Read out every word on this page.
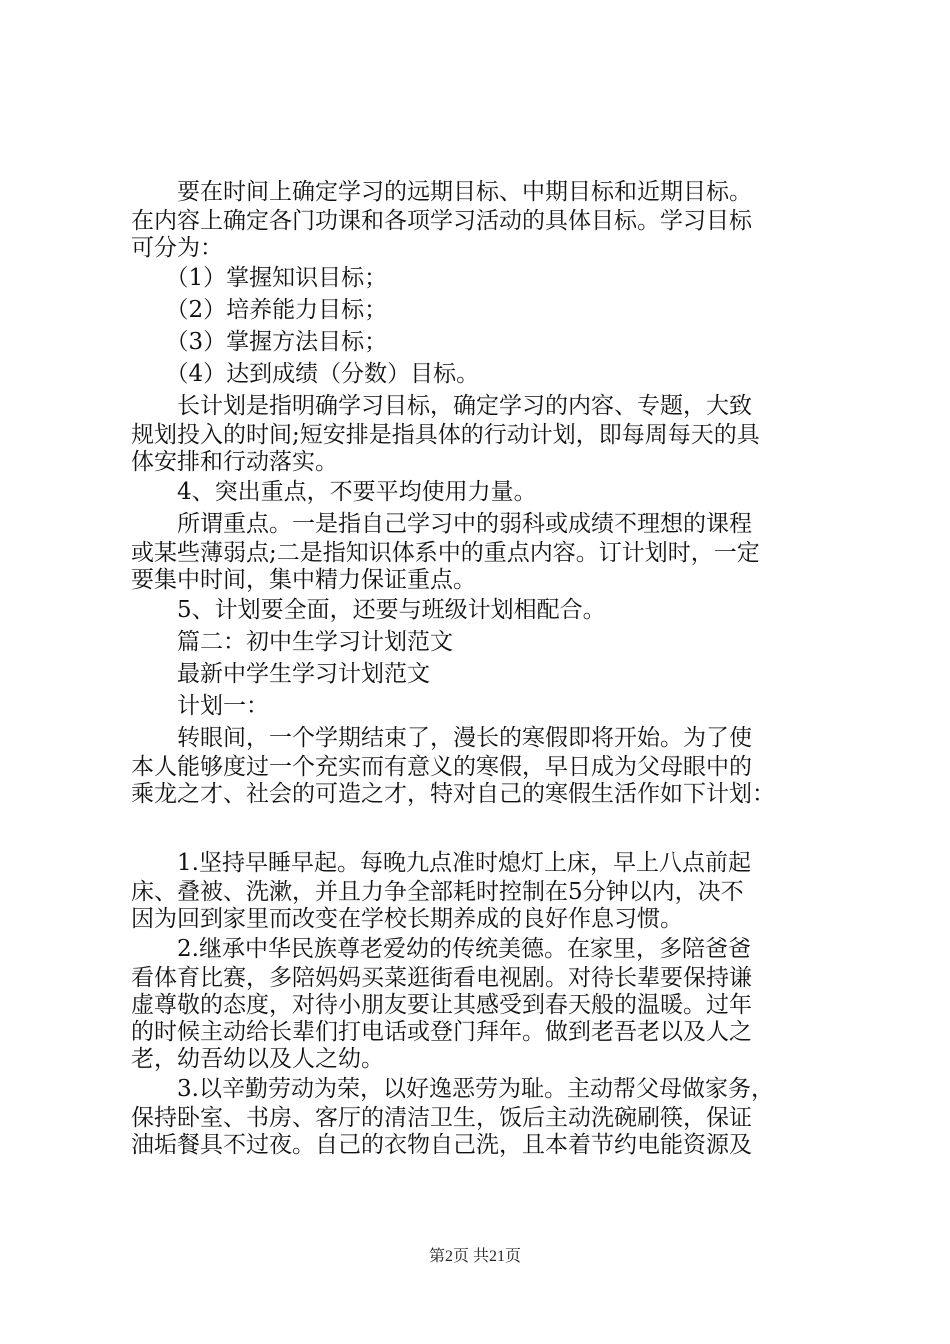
　　要在时间上确定学习的远期目标、中期目标和近期目标。
在内容上确定各门功课和各项学习活动的具体目标。学习目标
可分为：
　　（1）掌握知识目标；
　　（2）培养能力目标；
　　（3）掌握方法目标；
　　（4）达到成绩（分数）目标。
　　长计划是指明确学习目标，确定学习的内容、专题，大致
规划投入的时间;短安排是指具体的行动计划，即每周每天的具
体安排和行动落实。
　　4、突出重点，不要平均使用力量。
　　所谓重点。一是指自己学习中的弱科或成绩不理想的课程
或某些薄弱点;二是指知识体系中的重点内容。订计划时，一定
要集中时间，集中精力保证重点。
　　5、计划要全面，还要与班级计划相配合。
　　篇二：初中生学习计划范文
　　最新中学生学习计划范文
　　计划一：
　　转眼间，一个学期结束了，漫长的寒假即将开始。为了使
本人能够度过一个充实而有意义的寒假，早日成为父母眼中的
乘龙之才、社会的可造之才，特对自己的寒假生活作如下计划：
　　1.坚持早睡早起。每晚九点准时熄灯上床，早上八点前起
床、叠被、洗漱，并且力争全部耗时控制在5分钟以内，决不
因为回到家里而改变在学校长期养成的良好作息习惯。
　　2.继承中华民族尊老爱幼的传统美德。在家里，多陪爸爸
看体育比赛，多陪妈妈买菜逛街看电视剧。对待长辈要保持谦
虚尊敬的态度，对待小朋友要让其感受到春天般的温暖。过年
的时候主动给长辈们打电话或登门拜年。做到老吾老以及人之
老，幼吾幼以及人之幼。
　　3.以辛勤劳动为荣，以好逸恶劳为耻。主动帮父母做家务，
保持卧室、书房、客厅的清洁卫生，饭后主动洗碗刷筷，保证
油垢餐具不过夜。自己的衣物自己洗，且本着节约电能资源及
第2页 共21页
